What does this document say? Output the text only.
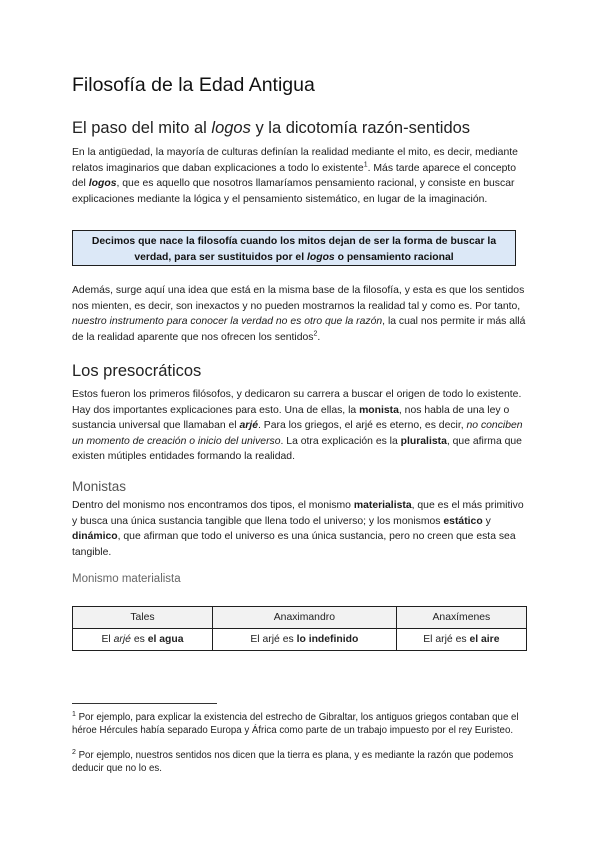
Filosofía de la Edad Antigua
El paso del mito al logos y la dicotomía razón-sentidos

En la antigüedad, la mayoría de culturas definían la realidad mediante el mito, es decir, mediante relatos imaginarios que daban explicaciones a todo lo existente$^1$. Más tarde aparece el concepto del logos, que es aquello que nosotros llamaríamos pensamiento racional, y consiste en buscar explicaciones mediante la lógica y el pensamiento sistemático, en lugar de la imaginación.

Decimos que nace la filosofía cuando los mitos dejan de ser la forma de buscar la verdad, para ser sustituidos por el logos o pensamiento racional

Además, surge aquí una idea que está en la misma base de la filosofía, y esta es que los sentidos nos mienten, es decir, son inexactos y no pueden mostrarnos la realidad tal y como es. Por tanto, nuestro instrumento para conocer la verdad no es otro que la razón, la cual nos permite ir más allá de la realidad aparente que nos ofrecen los sentidos$^2$.

Los presocráticos

Estos fueron los primeros filósofos, y dedicaron su carrera a buscar el origen de todo lo existente. Hay dos importantes explicaciones para esto. Una de ellas, la monista, nos habla de una ley o sustancia universal que llamaban el arjé. Para los griegos, el arjé es eterno, es decir, no conciben un momento de creación o inicio del universo. La otra explicación es la pluralista, que afirma que existen mútiples entidades formando la realidad.

Monistas

Dentro del monismo nos encontramos dos tipos, el monismo materialista, que es el más primitivo y busca una única sustancia tangible que llena todo el universo; y los monismos estático y dinámico, que afirman que todo el universo es una única sustancia, pero no creen que esta sea tangible.

Monismo materialista
Tales	Anaximandro	Anaxímenes
El arjé es el agua	El arjé es lo indefinido	El arjé es el aire

$^1$ Por ejemplo, para explicar la existencia del estrecho de Gibraltar, los antiguos griegos contaban que el héroe Hércules había separado Europa y África como parte de un trabajo impuesto por el rey Euristeo.

$^2$ Por ejemplo, nuestros sentidos nos dicen que la tierra es plana, y es mediante la razón que podemos deducir que no lo es.
